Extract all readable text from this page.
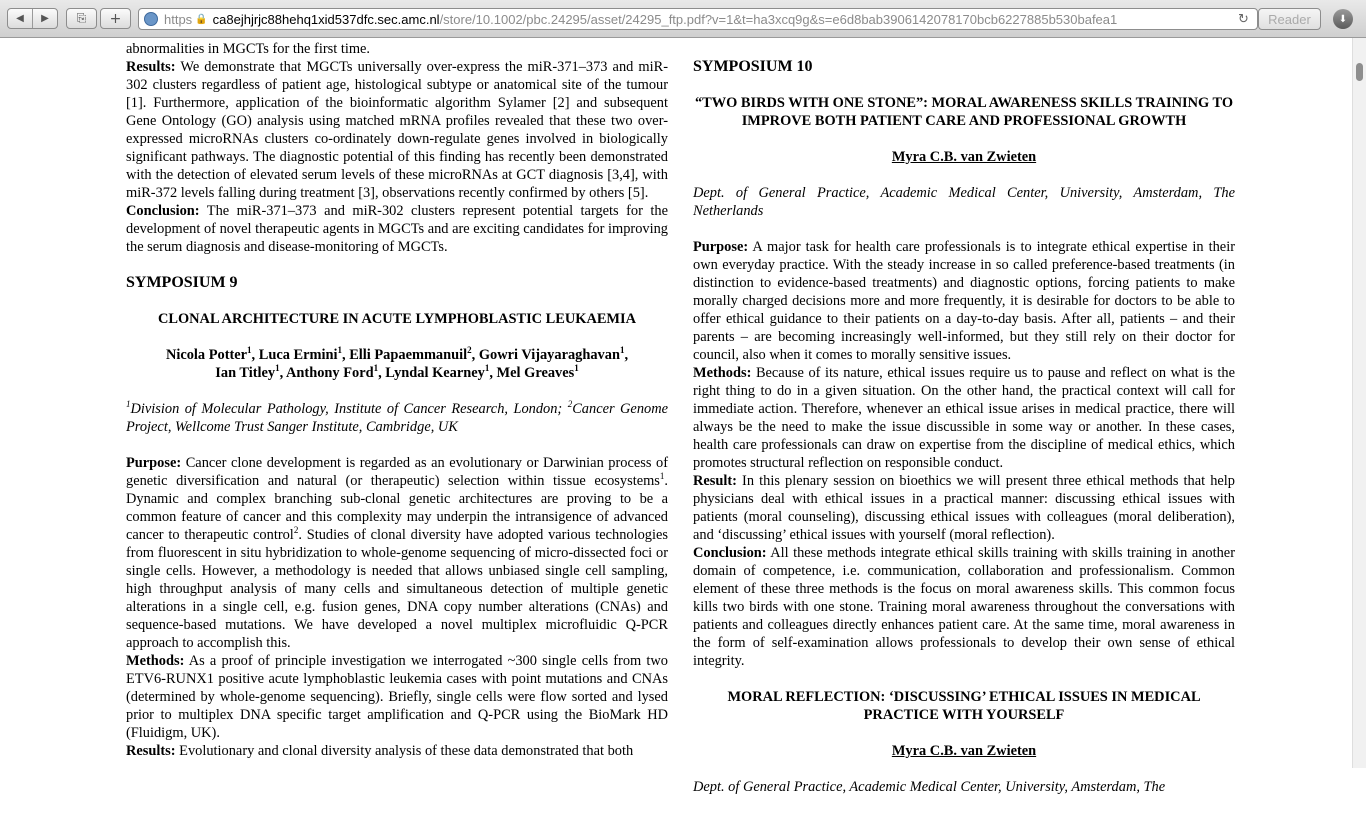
◀	▶	⎘ +	https 🔒 ca8ejhjrjc88hehq1xid537dfc.sec.amc.nl /store/10.1002/pbc.24295/asset/24295_ftp.pdf?v=1&t=ha3xcq9g&s=e6d8bab3906142078170bcb6227885b530bafea1	↻	Reader	⬇

abnormalities in MGCTs for the first time.

Results: We demonstrate that MGCTs universally over-express the miR-371–373 and miR-302 clusters regardless of patient age, histological subtype or anatomical site of the tumour [1]. Furthermore, application of the bioinformatic algorithm Sylamer [2] and subsequent Gene Ontology (GO) analysis using matched mRNA profiles revealed that these two over-expressed microRNAs clusters co-ordinately down-regulate genes involved in biologically significant pathways. The diagnostic potential of this finding has recently been demonstrated with the detection of elevated serum levels of these microRNAs at GCT diagnosis [3,4], with miR-372 levels falling during treatment [3], observations recently confirmed by others [5].

Conclusion: The miR-371–373 and miR-302 clusters represent potential targets for the development of novel therapeutic agents in MGCTs and are exciting candidates for improving the serum diagnosis and disease-monitoring of MGCTs.

SYMPOSIUM 9

CLONAL ARCHITECTURE IN ACUTE LYMPHOBLASTIC LEUKAEMIA

Nicola Potter$^1$, Luca Ermini$^1$, Elli Papaemmanuil$^2$, Gowri Vijayaraghavan$^1$,
Ian Titley$^1$, Anthony Ford$^1$, Lyndal Kearney$^1$, Mel Greaves$^1$

$^1$Division of Molecular Pathology, Institute of Cancer Research, London; $^2$Cancer Genome Project, Wellcome Trust Sanger Institute, Cambridge, UK

Purpose: Cancer clone development is regarded as an evolutionary or Darwinian process of genetic diversification and natural (or therapeutic) selection within tissue ecosystems$^1$. Dynamic and complex branching sub-clonal genetic architectures are proving to be a common feature of cancer and this complexity may underpin the intransigence of advanced cancer to therapeutic control$^2$. Studies of clonal diversity have adopted various technologies from fluorescent in situ hybridization to whole-genome sequencing of micro-dissected foci or single cells. However, a methodology is needed that allows unbiased single cell sampling, high throughput analysis of many cells and simultaneous detection of multiple genetic alterations in a single cell, e.g. fusion genes, DNA copy number alterations (CNAs) and sequence-based mutations. We have developed a novel multiplex microfluidic Q-PCR approach to accomplish this.

Methods: As a proof of principle investigation we interrogated ~300 single cells from two ETV6-RUNX1 positive acute lymphoblastic leukemia cases with point mutations and CNAs (determined by whole-genome sequencing). Briefly, single cells were flow sorted and lysed prior to multiplex DNA specific target amplification and Q-PCR using the BioMark HD (Fluidigm, UK).

Results: Evolutionary and clonal diversity analysis of these data demonstrated that both

SYMPOSIUM 10

“TWO BIRDS WITH ONE STONE”: MORAL AWARENESS SKILLS TRAINING TO IMPROVE BOTH PATIENT CARE AND PROFESSIONAL GROWTH

Myra C.B. van Zwieten

Dept. of General Practice, Academic Medical Center, University, Amsterdam, The Netherlands

Purpose: A major task for health care professionals is to integrate ethical expertise in their own everyday practice. With the steady increase in so called preference-based treatments (in distinction to evidence-based treatments) and diagnostic options, forcing patients to make morally charged decisions more and more frequently, it is desirable for doctors to be able to offer ethical guidance to their patients on a day-to-day basis. After all, patients – and their parents – are becoming increasingly well-informed, but they still rely on their doctor for council, also when it comes to morally sensitive issues.

Methods: Because of its nature, ethical issues require us to pause and reflect on what is the right thing to do in a given situation. On the other hand, the practical context will call for immediate action. Therefore, whenever an ethical issue arises in medical practice, there will always be the need to make the issue discussible in some way or another. In these cases, health care professionals can draw on expertise from the discipline of medical ethics, which promotes structural reflection on responsible conduct.

Result: In this plenary session on bioethics we will present three ethical methods that help physicians deal with ethical issues in a practical manner: discussing ethical issues with patients (moral counseling), discussing ethical issues with colleagues (moral deliberation), and ‘discussing’ ethical issues with yourself (moral reflection).

Conclusion: All these methods integrate ethical skills training with skills training in another domain of competence, i.e. communication, collaboration and professionalism. Common element of these three methods is the focus on moral awareness skills. This common focus kills two birds with one stone. Training moral awareness throughout the conversations with patients and colleagues directly enhances patient care. At the same time, moral awareness in the form of self-examination allows professionals to develop their own sense of ethical integrity.

MORAL REFLECTION: ‘DISCUSSING’ ETHICAL ISSUES IN MEDICAL PRACTICE WITH YOURSELF

Myra C.B. van Zwieten

Dept. of General Practice, Academic Medical Center, University, Amsterdam, The
